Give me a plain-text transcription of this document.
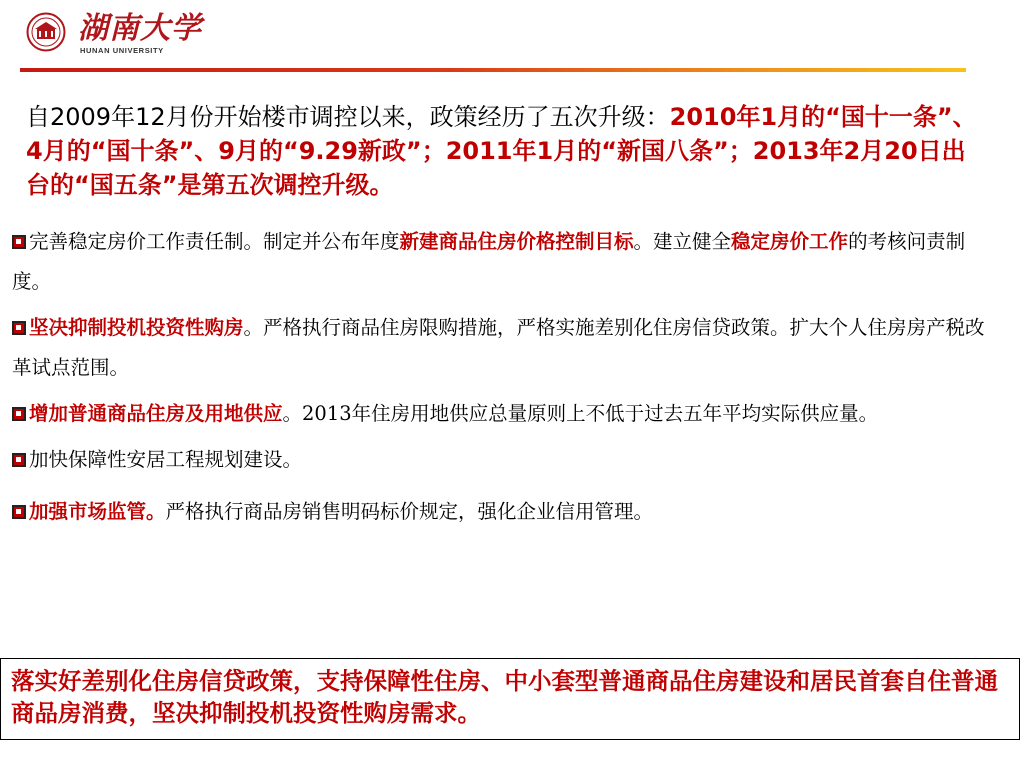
湖南大学
HUNAN UNIVERSITY
自2009年12月份开始楼市调控以来，政策经历了五次升级：2010年1月的“国十一条”、4月的“国十条”、9月的“9.29新政”；2011年1月的“新国八条”；2013年2月20日出台的“国五条”是第五次调控升级。
完善稳定房价工作责任制。制定并公布年度新建商品住房价格控制目标。建立健全稳定房价工作的考核问责制度。
坚决抑制投机投资性购房。严格执行商品住房限购措施，严格实施差别化住房信贷政策。扩大个人住房房产税改革试点范围。
增加普通商品住房及用地供应。2013年住房用地供应总量原则上不低于过去五年平均实际供应量。
加快保障性安居工程规划建设。
加强市场监管。严格执行商品房销售明码标价规定，强化企业信用管理。
落实好差别化住房信贷政策，支持保障性住房、中小套型普通商品住房建设和居民首套自住普通商品房消费，坚决抑制投机投资性购房需求。
